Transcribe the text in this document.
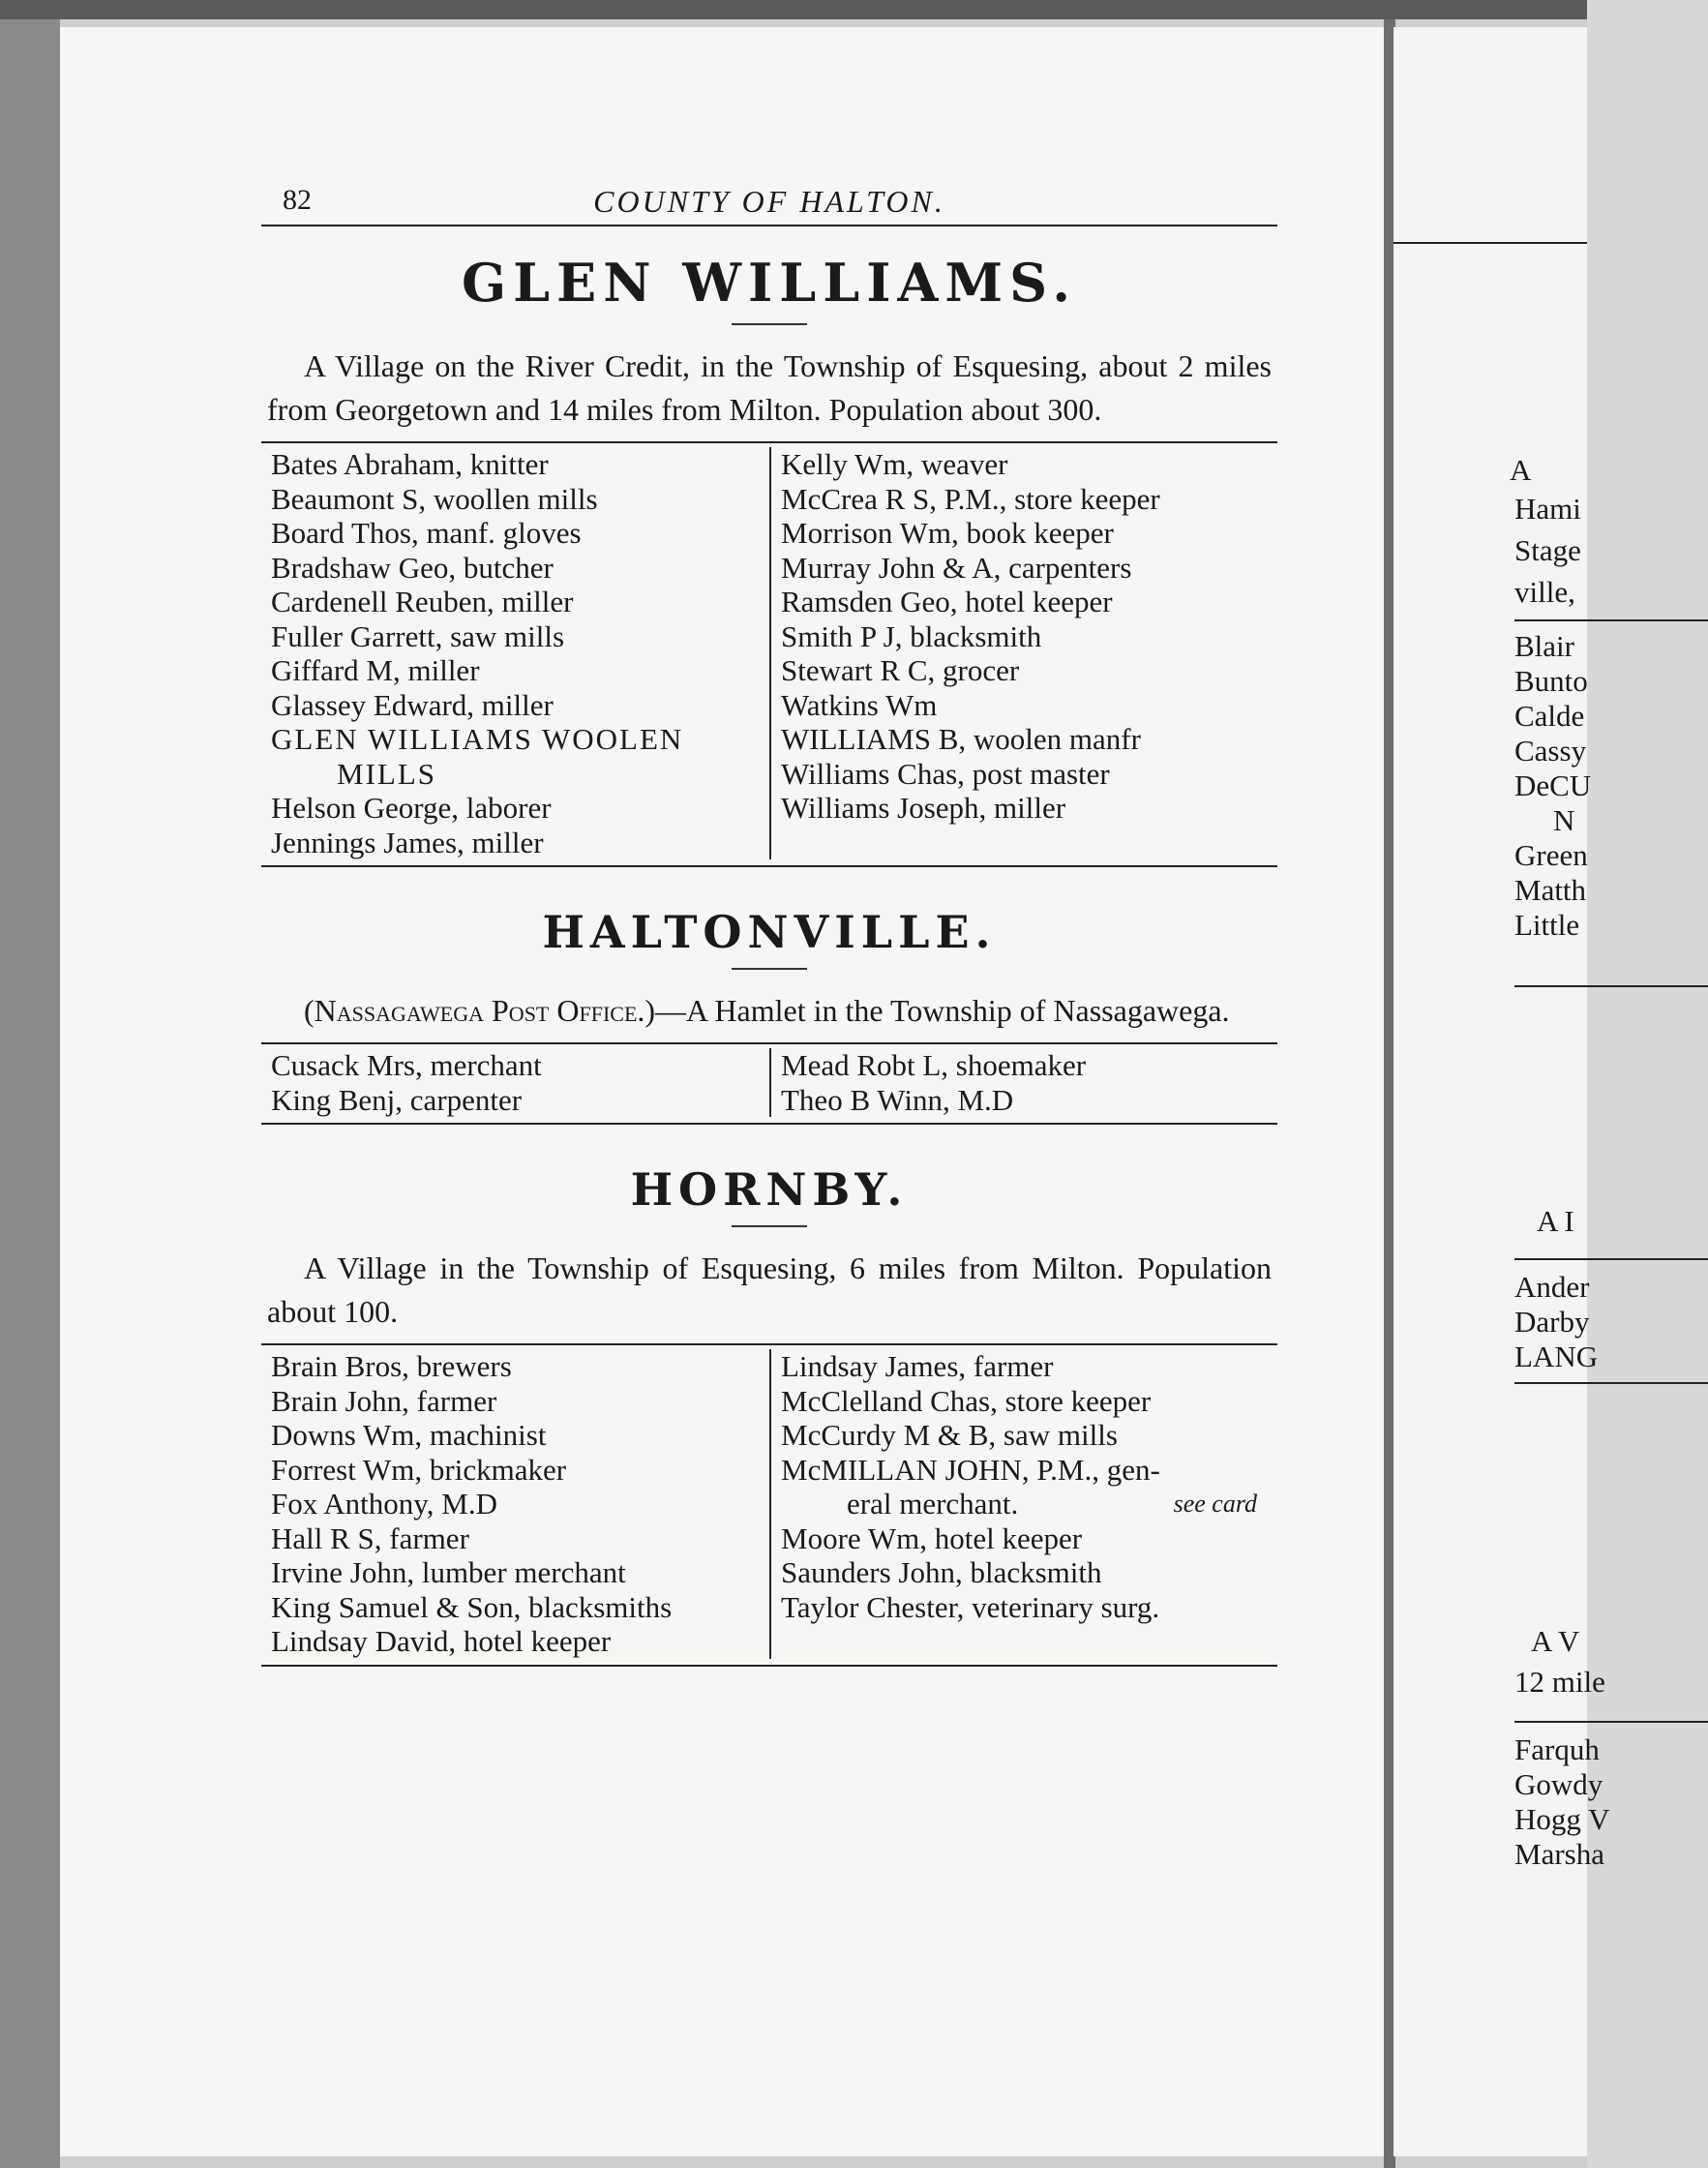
82	COUNTY OF HALTON.
GLEN WILLIAMS.

A Village on the River Credit, in the Township of Esquesing, about 2 miles from Georgetown and 14 miles from Milton. Population about 300.

Bates Abraham, knitter
Beaumont S, woollen mills
Board Thos, manf. gloves
Bradshaw Geo, butcher
Cardenell Reuben, miller
Fuller Garrett, saw mills
Giffard M, miller
Glassey Edward, miller
GLEN WILLIAMS WOOLEN
MILLS
Helson George, laborer
Jennings James, miller
Kelly Wm, weaver
McCrea R S, P.M., store keeper
Morrison Wm, book keeper
Murray John & A, carpenters
Ramsden Geo, hotel keeper
Smith P J, blacksmith
Stewart R C, grocer
Watkins Wm
WILLIAMS B, woolen manfr
Williams Chas, post master
Williams Joseph, miller
HALTONVILLE.

(Nassagawega Post Office.)—A Hamlet in the Township of Nassagawega.

Cusack Mrs, merchant
King Benj, carpenter
Mead Robt L, shoemaker
Theo B Winn, M.D
HORNBY.

A Village in the Township of Esquesing, 6 miles from Milton. Population about 100.

Brain Bros, brewers
Brain John, farmer
Downs Wm, machinist
Forrest Wm, brickmaker
Fox Anthony, M.D
Hall R S, farmer
Irvine John, lumber merchant
King Samuel & Son, blacksmiths
Lindsay David, hotel keeper
Lindsay James, farmer
McClelland Chas, store keeper
McCurdy M & B, saw mills
McMILLAN JOHN, P.M., gen-
eral merchant.	see card
Moore Wm, hotel keeper
Saunders John, blacksmith
Taylor Chester, veterinary surg.
A
Hami
Stage
ville,
Blair
Bunto
Calde
Cassy
DeCU
N
Green
Matth
Little
A I
Ander
Darby
LANG
A V
12 mile
Farquh
Gowdy
Hogg V
Marsha
